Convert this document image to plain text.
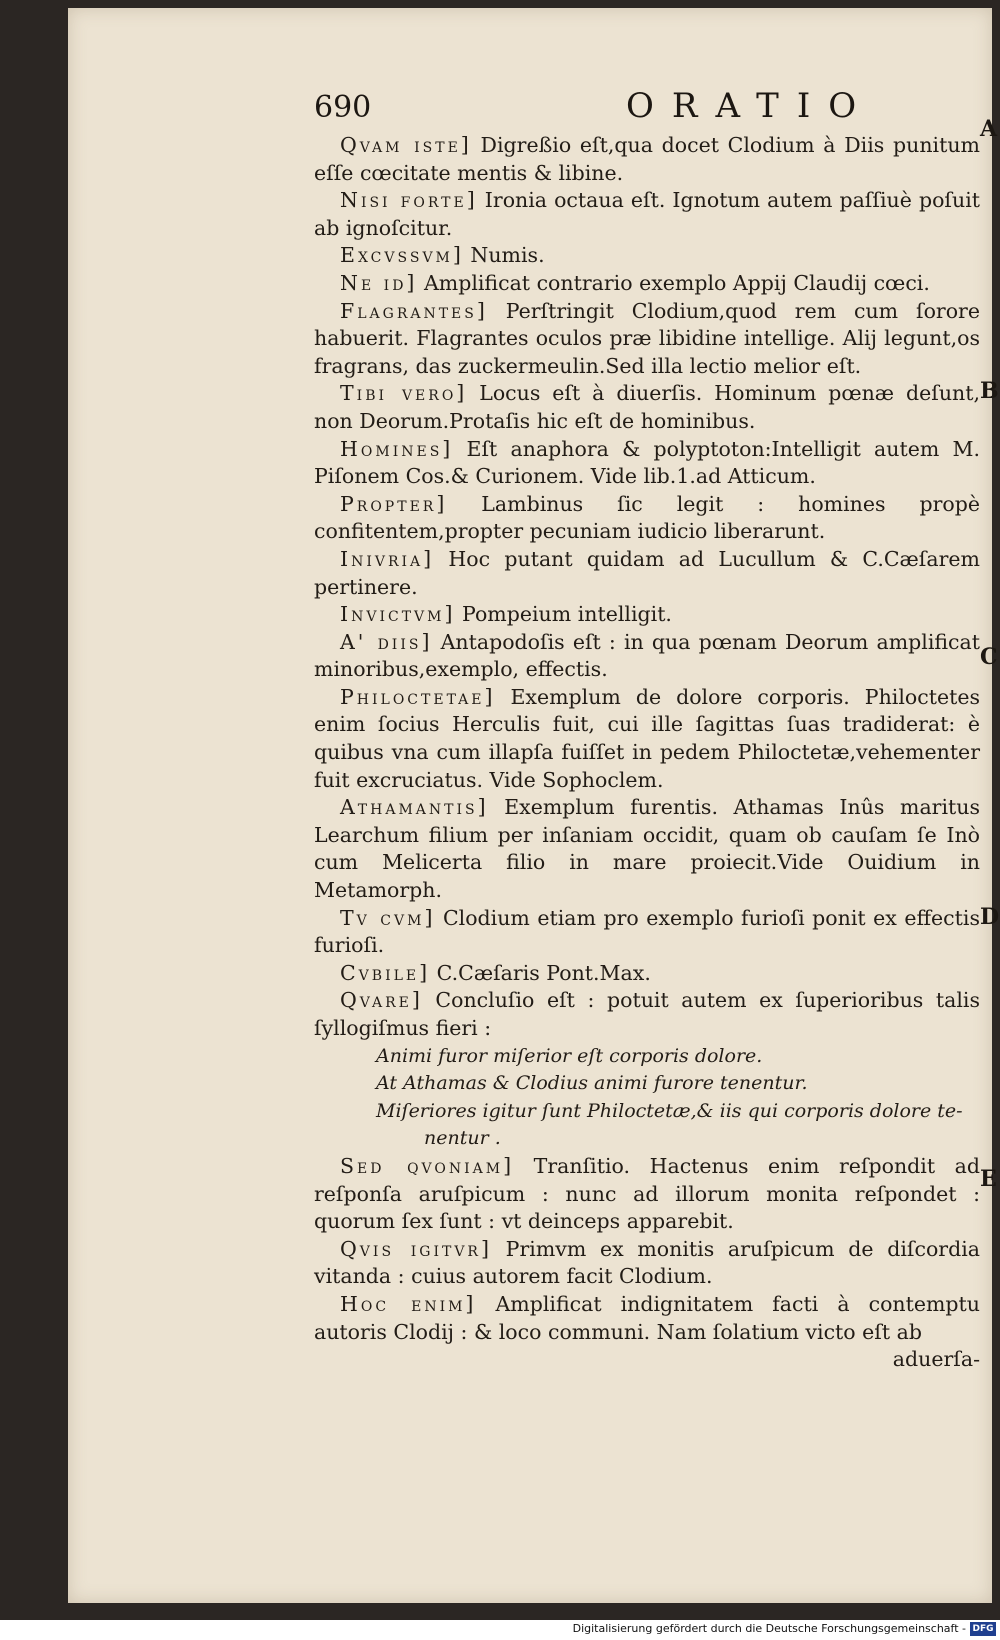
690	ORATIO

Qvam iste] Digreßio eſt,qua docet Clodium à Diis punitum eſſe cœcitate mentis & libine.

Nisi forte] Ironia octaua eſt. Ignotum autem paſſiuè poſuit ab ignoſcitur.

Excvssvm] Numis.

Ne id] Amplificat contrario exemplo Appij Claudij cœci.

Flagrantes] Perſtringit Clodium,quod rem cum ſorore habuerit. Flagrantes oculos præ libidine intellige. Alij legunt,os fragrans, das zuckermeulin.Sed illa lectio melior eſt.

Tibi vero] Locus eſt à diuerſis. Hominum pœnæ deſunt, non Deorum.Protaſis hic eſt de hominibus.

Homines] Eſt anaphora & polyptoton:Intelligit autem M. Piſonem Cos.& Curionem. Vide lib.1.ad Atticum.

Propter] Lambinus ſic legit : homines propè confitentem,propter pecuniam iudicio liberarunt.

Inivria] Hoc putant quidam ad Lucullum & C.Cæſarem pertinere.

Invictvm] Pompeium intelligit.

A' diis] Antapodoſis eſt : in qua pœnam Deorum amplificat minoribus,exemplo, effectis.

Philoctetae] Exemplum de dolore corporis. Philoctetes enim ſocius Herculis fuit, cui ille ſagittas ſuas tradiderat: è quibus vna cum illapſa fuiſſet in pedem Philoctetæ,vehementer fuit excruciatus. Vide Sophoclem.

Athamantis] Exemplum furentis. Athamas Inûs maritus Learchum filium per inſaniam occidit, quam ob cauſam ſe Inò cum Melicerta filio in mare proiecit.Vide Ouidium in Metamorph.

Tv cvm] Clodium etiam pro exemplo furioſi ponit ex effectis furioſi.

Cvbile] C.Cæſaris Pont.Max.

Qvare] Concluſio eſt : potuit autem ex ſuperioribus talis ſyllogiſmus fieri :

Animi furor miſerior eſt corporis dolore.

At Athamas & Clodius animi furore tenentur.

Miſeriores igitur ſunt Philoctetæ,& iis qui corporis dolore te-

nentur .

Sed qvoniam] Tranſitio. Hactenus enim reſpondit ad reſponſa aruſpicum : nunc ad illorum monita reſpondet : quorum ſex ſunt : vt deinceps apparebit.

Qvis igitvr] Primvm ex monitis aruſpicum de diſcordia vitanda : cuius autorem facit Clodium.

Hoc enim] Amplificat indignitatem facti à contemptu autoris Clodij : & loco communi. Nam ſolatium victo eſt ab

aduerſa-

A
B
C
D
E
Digitalisierung gefördert durch die Deutsche Forschungsgemeinschaft - DFG
